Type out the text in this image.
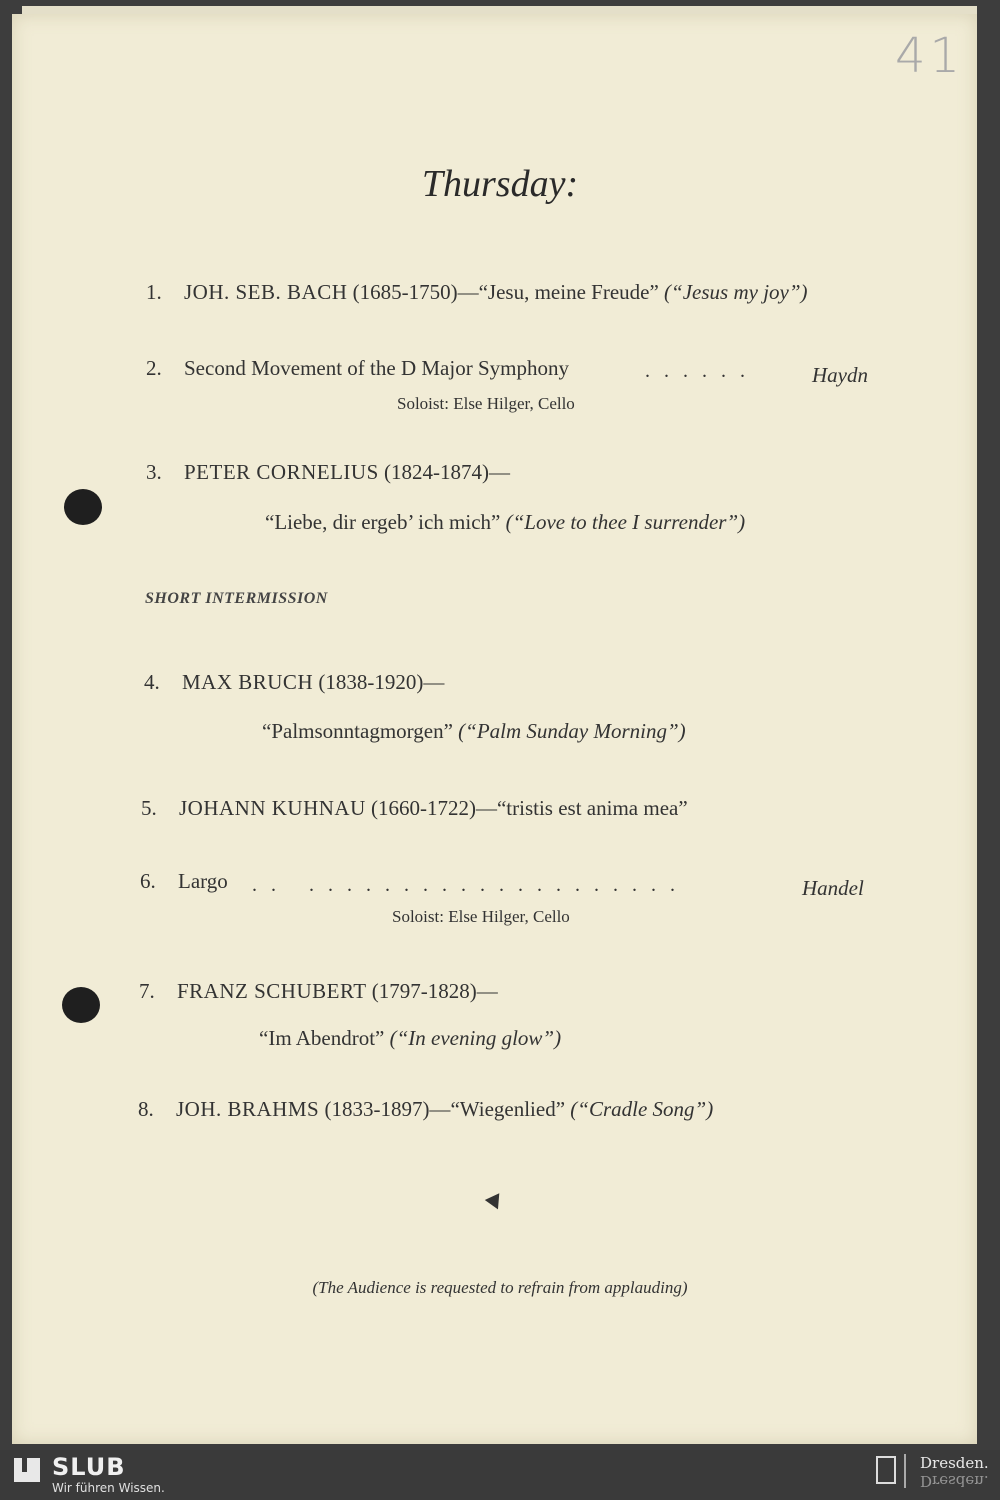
41
Thursday:
1. JOH. SEB. BACH (1685-1750)—“Jesu, meine Freude” (“Jesus my joy”)
2. Second Movement of the D Major Symphony	......	Haydn
Soloist: Else Hilger, Cello
3. PETER CORNELIUS (1824-1874)—
“Liebe, dir ergeb’ ich mich” (“Love to thee I surrender”)
SHORT INTERMISSION
4. MAX BRUCH (1838-1920)—
“Palmsonntagmorgen” (“Palm Sunday Morning”)
5. JOHANN KUHNAU (1660-1722)—“tristis est anima mea”
6. Largo .. ....................	Handel
Soloist: Else Hilger, Cello
7. FRANZ SCHUBERT (1797-1828)—
“Im Abendrot” (“In evening glow”)
8. JOH. BRAHMS (1833-1897)—“Wiegenlied” (“Cradle Song”)
(The Audience is requested to refrain from applauding)
SLUB
Wir führen Wissen.
Dresden.
Dresden.
